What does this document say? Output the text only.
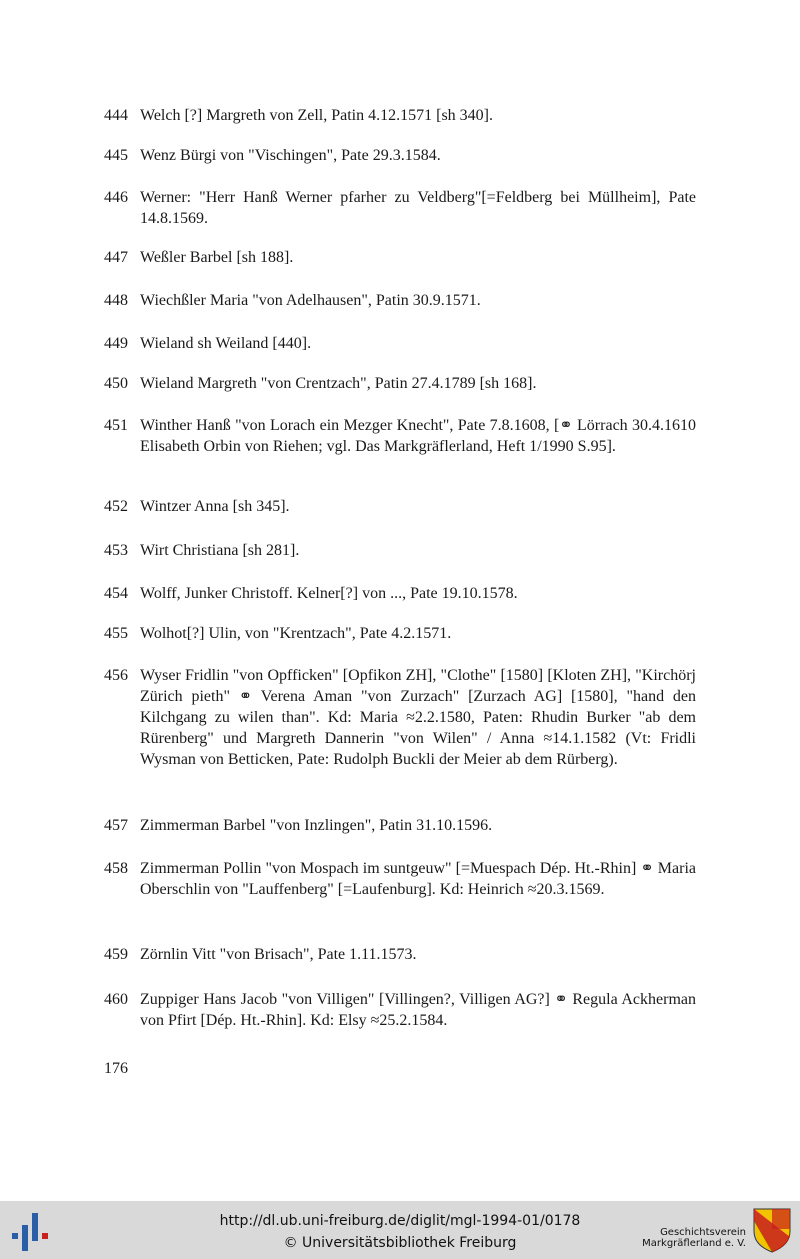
444 Welch [?] Margreth von Zell, Patin 4.12.1571 [sh 340].
445 Wenz Bürgi von "Vischingen", Pate 29.3.1584.
446 Werner: "Herr Hanß Werner pfarher zu Veldberg"[=Feldberg bei Müllheim], Pate 14.8.1569.
447 Weßler Barbel [sh 188].
448 Wiechßler Maria "von Adelhausen", Patin 30.9.1571.
449 Wieland sh Weiland [440].
450 Wieland Margreth "von Crentzach", Patin 27.4.1789 [sh 168].
451 Winther Hanß "von Lorach ein Mezger Knecht", Pate 7.8.1608, [⚭ Lörrach 30.4.1610 Elisabeth Orbin von Riehen; vgl. Das Markgräflerland, Heft 1/1990 S.95].
452 Wintzer Anna [sh 345].
453 Wirt Christiana [sh 281].
454 Wolff, Junker Christoff. Kelner[?] von ..., Pate 19.10.1578.
455 Wolhot[?] Ulin, von "Krentzach", Pate 4.2.1571.
456 Wyser Fridlin "von Opfficken" [Opfikon ZH], "Clothe" [1580] [Kloten ZH], "Kirchörj Zürich pieth" ⚭ Verena Aman "von Zurzach" [Zurzach AG] [1580], "hand den Kilchgang zu wilen than". Kd: Maria ≈2.2.1580, Paten: Rhudin Burker "ab dem Rürenberg" und Margreth Dannerin "von Wilen" / Anna ≈14.1.1582 (Vt: Fridli Wysman von Betticken, Pate: Rudolph Buckli der Meier ab dem Rürberg).
457 Zimmerman Barbel "von Inzlingen", Patin 31.10.1596.
458 Zimmerman Pollin "von Mospach im suntgeuw" [=Muespach Dép. Ht.-Rhin] ⚭ Maria Oberschlin von "Lauffenberg" [=Laufenburg]. Kd: Heinrich ≈20.3.1569.
459 Zörnlin Vitt "von Brisach", Pate 1.11.1573.
460 Zuppiger Hans Jacob "von Villigen" [Villingen?, Villigen AG?] ⚭ Regula Ackherman von Pfirt [Dép. Ht.-Rhin]. Kd: Elsy ≈25.2.1584.
176
http://dl.ub.uni-freiburg.de/diglit/mgl-1994-01/0178
© Universitätsbibliothek Freiburg
Geschichtsverein
Markgräflerland e. V.
